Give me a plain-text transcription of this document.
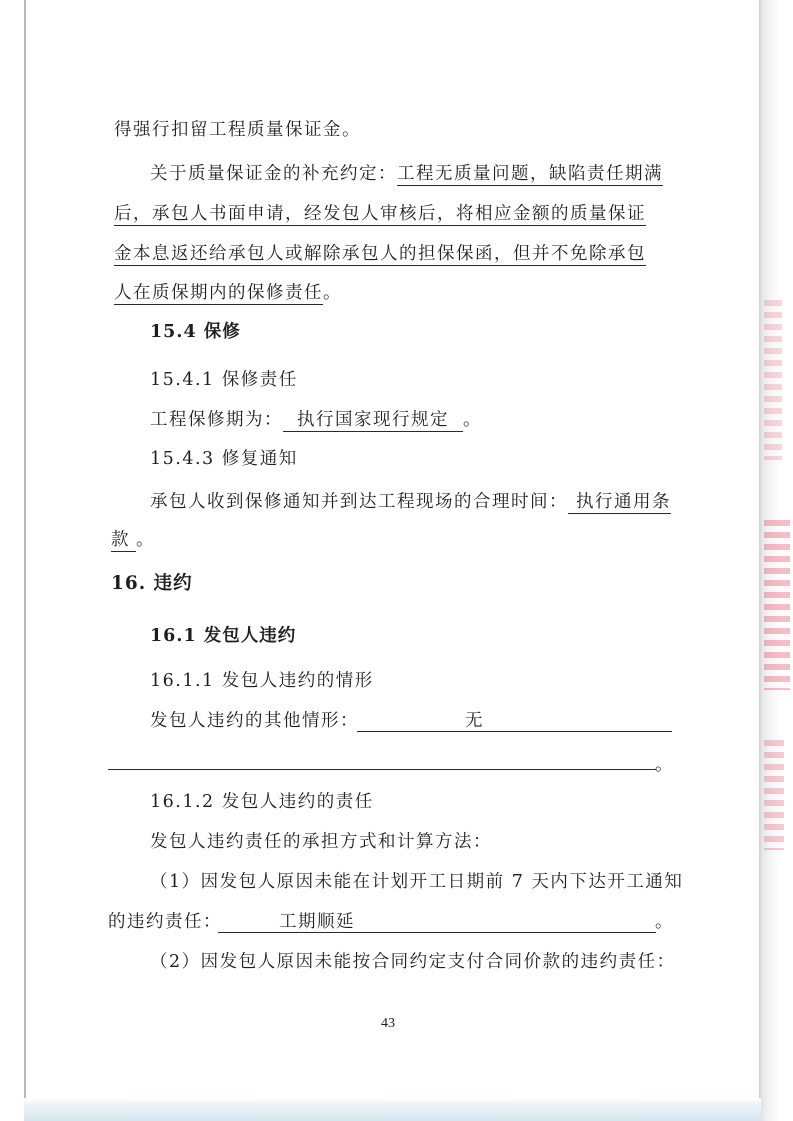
得强行扣留工程质量保证金。
关于质量保证金的补充约定：工程无质量问题，缺陷责任期满
后，承包人书面申请，经发包人审核后，将相应金额的质量保证
金本息返还给承包人或解除承包人的担保保函，但并不免除承包
人在质保期内的保修责任。
15.4 保修
15.4.1 保修责任
工程保修期为： 执行国家现行规定 。
15.4.3 修复通知
承包人收到保修通知并到达工程现场的合理时间： 执行通用条
款 。
16. 违约
16.1 发包人违约
16.1.1 发包人违约的情形
发包人违约的其他情形：	无
。
16.1.2 发包人违约的责任
发包人违约责任的承担方式和计算方法：
（1）因发包人原因未能在计划开工日期前 7 天内下达开工通知
的违约责任：	工期顺延	。
（2）因发包人原因未能按合同约定支付合同价款的违约责任：
43
